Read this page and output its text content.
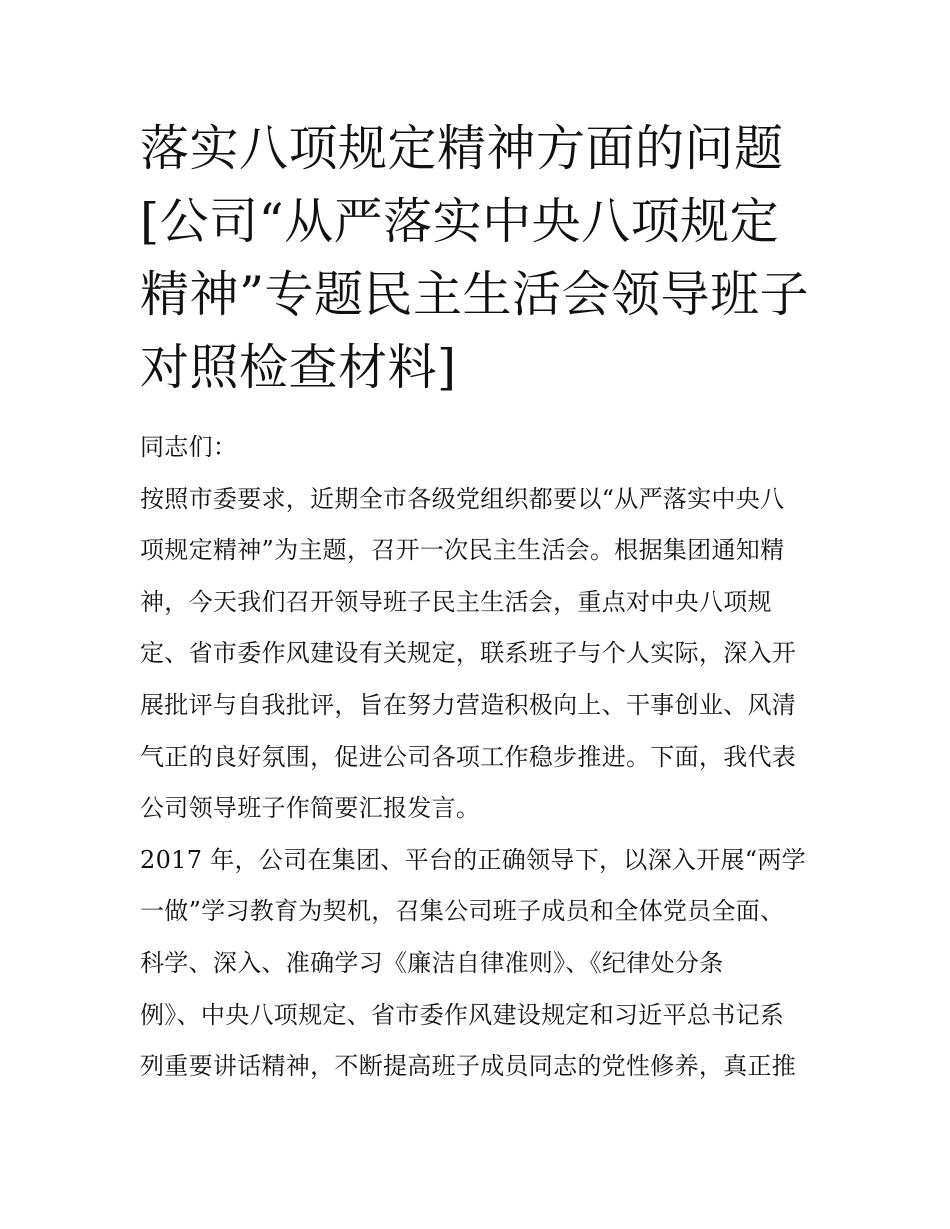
落实八项规定精神方面的问题
[公司“从严落实中央八项规定
精神”专题民主生活会领导班子
对照检查材料]
同志们：
按照市委要求，近期全市各级党组织都要以“从严落实中央八
项规定精神”为主题，召开一次民主生活会。根据集团通知精
神，今天我们召开领导班子民主生活会，重点对中央八项规
定、省市委作风建设有关规定，联系班子与个人实际，深入开
展批评与自我批评，旨在努力营造积极向上、干事创业、风清
气正的良好氛围，促进公司各项工作稳步推进。下面，我代表
公司领导班子作简要汇报发言。
2017 年，公司在集团、平台的正确领导下，以深入开展“两学
一做”学习教育为契机，召集公司班子成员和全体党员全面、
科学、深入、准确学习《廉洁自律准则》、《纪律处分条
例》、中央八项规定、省市委作风建设规定和习近平总书记系
列重要讲话精神，不断提高班子成员同志的党性修养，真正推
